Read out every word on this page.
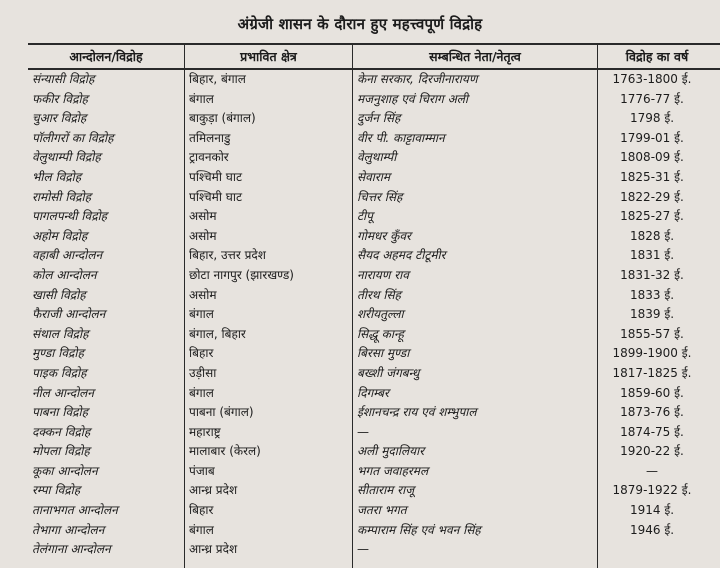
अंग्रेजी शासन के दौरान हुए महत्त्वपूर्ण विद्रोह
आन्दोलन/विद्रोह	प्रभावित क्षेत्र	सम्बन्धित नेता/नेतृत्व	विद्रोह का वर्ष
संन्यासी विद्रोह	बिहार, बंगाल	केना सरकार, दिरजीनारायण	1763-1800 ई.
फकीर विद्रोह	बंगाल	मजनुशाह एवं चिराग अली	1776-77 ई.
चुआर विद्रोह	बाकुड़ा (बंगाल)	दुर्जन सिंह	1798 ई.
पॉलीगरों का विद्रोह	तमिलनाडु	वीर पी. काट्टावाम्मान	1799-01 ई.
वेलुथाम्पी विद्रोह	ट्रावनकोर	वेलुथाम्पी	1808-09 ई.
भील विद्रोह	पश्चिमी घाट	सेवाराम	1825-31 ई.
रामोसी विद्रोह	पश्चिमी घाट	चित्तर सिंह	1822-29 ई.
पागलपन्थी विद्रोह	असोम	टीपू	1825-27 ई.
अहोम विद्रोह	असोम	गोमधर कुँवर	1828 ई.
वहाबी आन्दोलन	बिहार, उत्तर प्रदेश	सैयद अहमद टीटूमीर	1831 ई.
कोल आन्दोलन	छोटा नागपुर (झारखण्ड)	नारायण राव	1831-32 ई.
खासी विद्रोह	असोम	तीरथ सिंह	1833 ई.
फैराजी आन्दोलन	बंगाल	शरीयतुल्ला	1839 ई.
संथाल विद्रोह	बंगाल, बिहार	सिद्धू कान्हू	1855-57 ई.
मुण्डा विद्रोह	बिहार	बिरसा मुण्डा	1899-1900 ई.
पाइक विद्रोह	उड़ीसा	बख्शी जंगबन्धु	1817-1825 ई.
नील आन्दोलन	बंगाल	दिगम्बर	1859-60 ई.
पाबना विद्रोह	पाबना (बंगाल)	ईशानचन्द्र राय एवं शम्भुपाल	1873-76 ई.
दक्कन विद्रोह	महाराष्ट्र	—	1874-75 ई.
मोपला विद्रोह	मालाबार (केरल)	अली मुदालियार	1920-22 ई.
कूका आन्दोलन	पंजाब	भगत जवाहरमल	—
रम्पा विद्रोह	आन्ध्र प्रदेश	सीताराम राजू	1879-1922 ई.
तानाभगत आन्दोलन	बिहार	जतरा भगत	1914 ई.
तेभागा आन्दोलन	बंगाल	कम्पाराम सिंह एवं भवन सिंह	1946 ई.
तेलंगाना आन्दोलन	आन्ध्र प्रदेश	—
